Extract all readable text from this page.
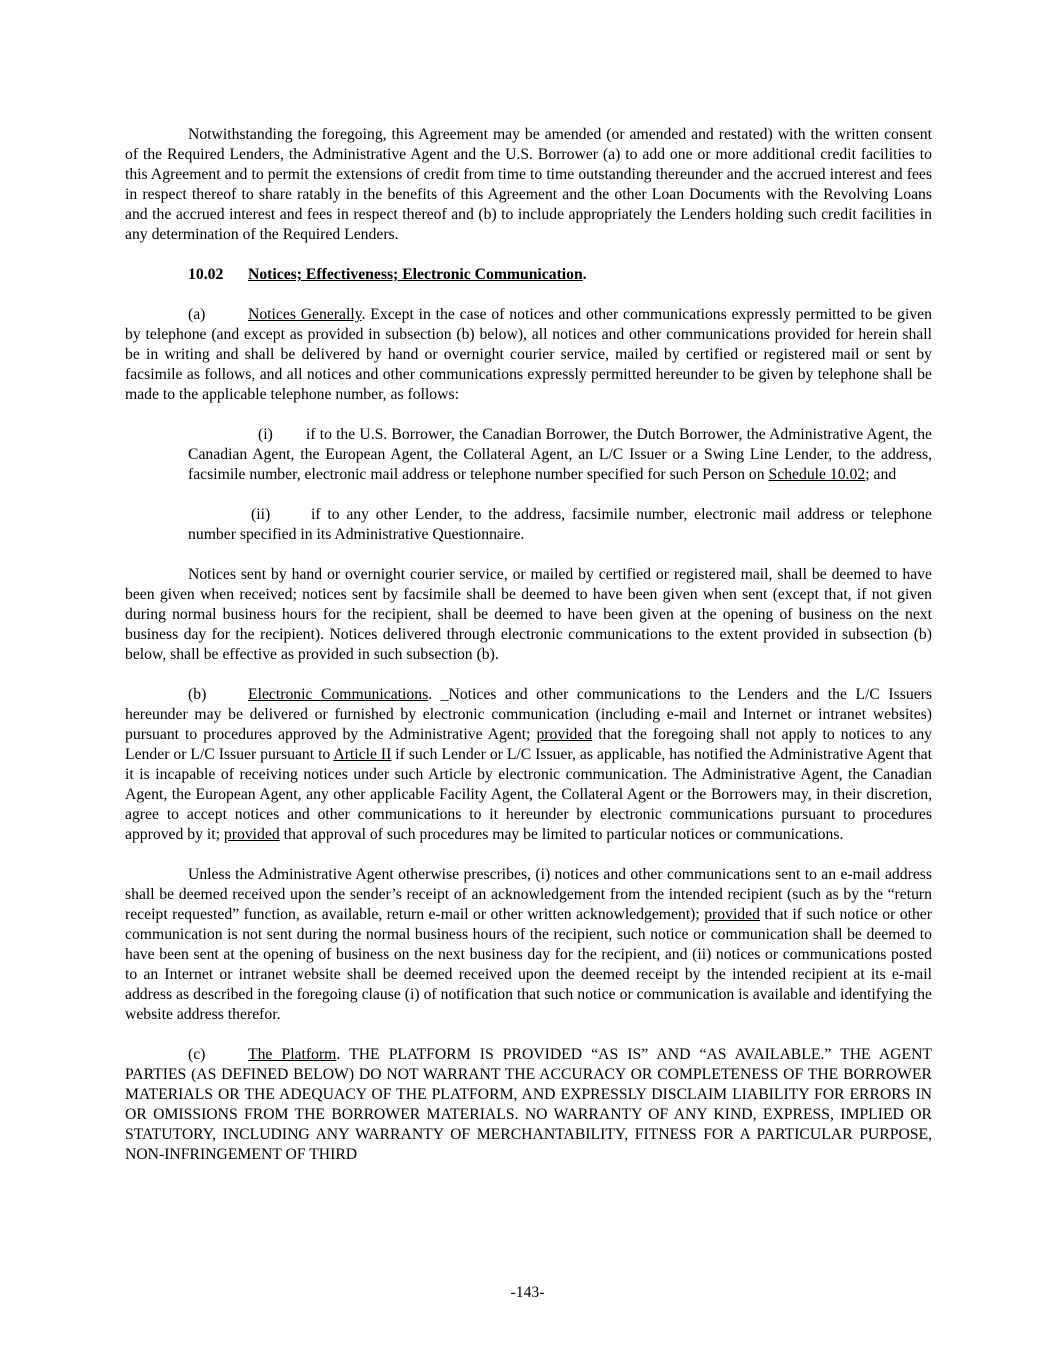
Notwithstanding the foregoing, this Agreement may be amended (or amended and restated) with the written consent of the Required Lenders, the Administrative Agent and the U.S. Borrower (a) to add one or more additional credit facilities to this Agreement and to permit the extensions of credit from time to time outstanding thereunder and the accrued interest and fees in respect thereof to share ratably in the benefits of this Agreement and the other Loan Documents with the Revolving Loans and the accrued interest and fees in respect thereof and (b) to include appropriately the Lenders holding such credit facilities in any determination of the Required Lenders.

10.02 Notices; Effectiveness; Electronic Communication.

(a)	Notices Generally. Except in the case of notices and other communications expressly permitted to be given by telephone (and except as provided in subsection (b) below), all notices and other communications provided for herein shall be in writing and shall be delivered by hand or overnight courier service, mailed by certified or registered mail or sent by facsimile as follows, and all notices and other communications expressly permitted hereunder to be given by telephone shall be made to the applicable telephone number, as follows:

(i) if to the U.S. Borrower, the Canadian Borrower, the Dutch Borrower, the Administrative Agent, the Canadian Agent, the European Agent, the Collateral Agent, an L/C Issuer or a Swing Line Lender, to the address, facsimile number, electronic mail address or telephone number specified for such Person on Schedule 10.02; and

(ii)	if to any other Lender, to the address, facsimile number, electronic mail address or telephone number specified in its Administrative Questionnaire.

Notices sent by hand or overnight courier service, or mailed by certified or registered mail, shall be deemed to have been given when received; notices sent by facsimile shall be deemed to have been given when sent (except that, if not given during normal business hours for the recipient, shall be deemed to have been given at the opening of business on the next business day for the recipient). Notices delivered through electronic communications to the extent provided in subsection (b) below, shall be effective as provided in such subsection (b).

(b)	Electronic Communications. _Notices and other communications to the Lenders and the L/C Issuers hereunder may be delivered or furnished by electronic communication (including e-mail and Internet or intranet websites) pursuant to procedures approved by the Administrative Agent; provided that the foregoing shall not apply to notices to any Lender or L/C Issuer pursuant to Article II if such Lender or L/C Issuer, as applicable, has notified the Administrative Agent that it is incapable of receiving notices under such Article by electronic communication. The Administrative Agent, the Canadian Agent, the European Agent, any other applicable Facility Agent, the Collateral Agent or the Borrowers may, in their discretion, agree to accept notices and other communications to it hereunder by electronic communications pursuant to procedures approved by it; provided that approval of such procedures may be limited to particular notices or communications.

Unless the Administrative Agent otherwise prescribes, (i) notices and other communications sent to an e-mail address shall be deemed received upon the sender’s receipt of an acknowledgement from the intended recipient (such as by the “return receipt requested” function, as available, return e-mail or other written acknowledgement); provided that if such notice or other communication is not sent during the normal business hours of the recipient, such notice or communication shall be deemed to have been sent at the opening of business on the next business day for the recipient, and (ii) notices or communications posted to an Internet or intranet website shall be deemed received upon the deemed receipt by the intended recipient at its e-mail address as described in the foregoing clause (i) of notification that such notice or communication is available and identifying the website address therefor.

(c)	The Platform. THE PLATFORM IS PROVIDED “AS IS” AND “AS AVAILABLE.” THE AGENT PARTIES (AS DEFINED BELOW) DO NOT WARRANT THE ACCURACY OR COMPLETENESS OF THE BORROWER MATERIALS OR THE ADEQUACY OF THE PLATFORM, AND EXPRESSLY DISCLAIM LIABILITY FOR ERRORS IN OR OMISSIONS FROM THE BORROWER MATERIALS. NO WARRANTY OF ANY KIND, EXPRESS, IMPLIED OR STATUTORY, INCLUDING ANY WARRANTY OF MERCHANTABILITY, FITNESS FOR A PARTICULAR PURPOSE, NON-INFRINGEMENT OF THIRD

-143-
